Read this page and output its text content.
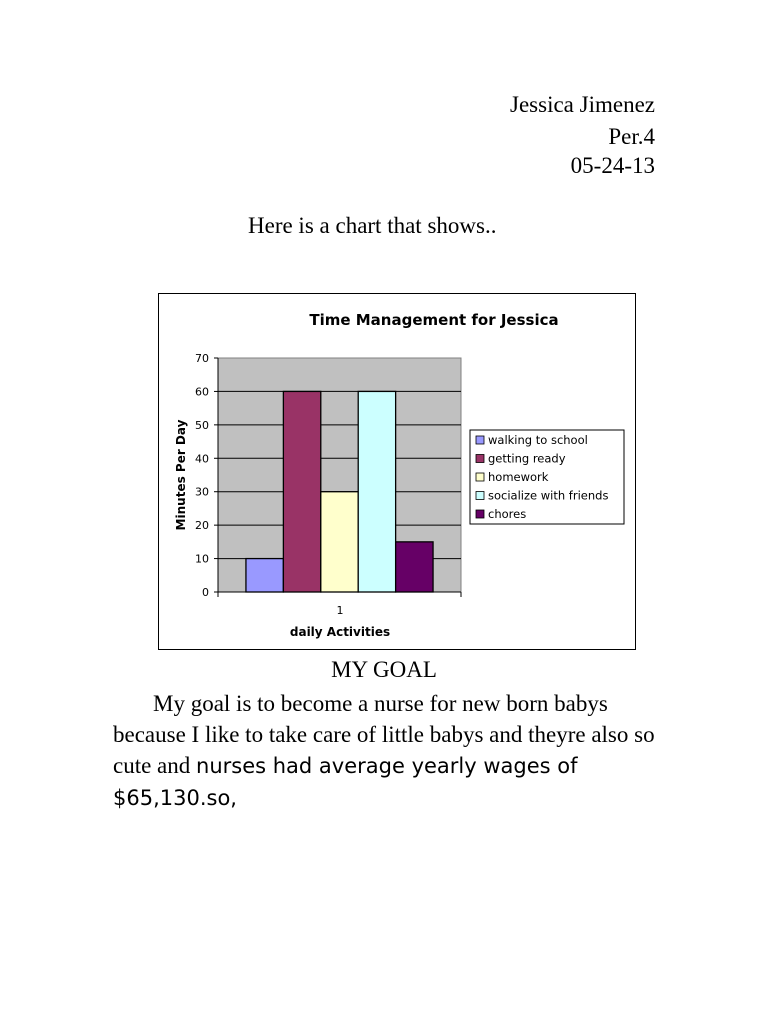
Jessica Jimenez
Per.4
05-24-13
Here is a chart that shows..
Time Management for Jessica
0
10
20
30
40
50
60
70
1
daily Activities
Minutes Per Day	walking to school
getting ready
homework
socialize with friends
chores
MY GOAL
My goal is to become a nurse for new born babys because I like to take care of little babys and theyre also so cute and nurses had average yearly wages of $65,130.so,
